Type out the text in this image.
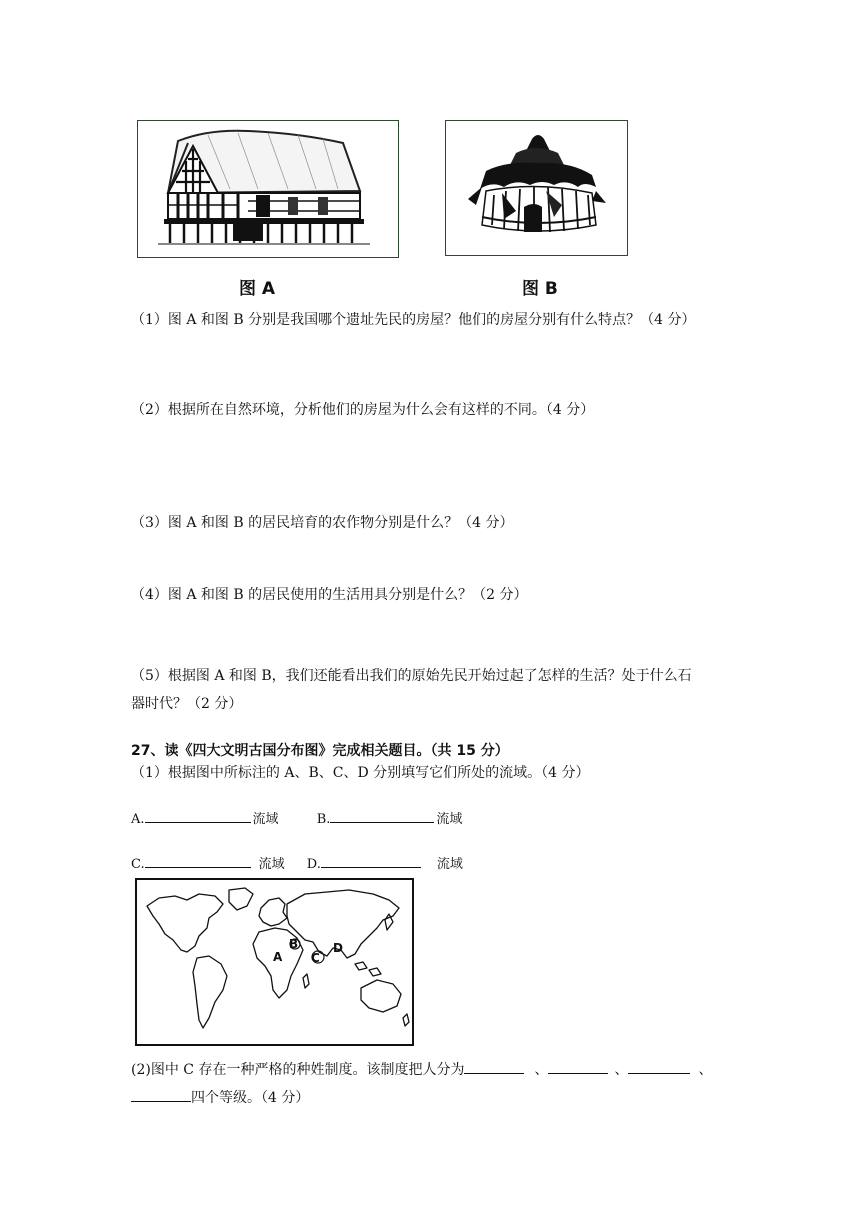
图 A	图 B
（1）图 A 和图 B 分别是我国哪个遗址先民的房屋？他们的房屋分别有什么特点？（4 分）
（2）根据所在自然环境，分析他们的房屋为什么会有这样的不同。（4 分）
（3）图 A 和图 B 的居民培育的农作物分别是什么？（4 分）
（4）图 A 和图 B 的居民使用的生活用具分别是什么？（2 分）
（5）根据图 A 和图 B，我们还能看出我们的原始先民开始过起了怎样的生活？处于什么石
器时代？（2 分）
27、读《四大文明古国分布图》完成相关题目。（共 15 分）
（1）根据图中所标注的 A、B、C、D 分别填写它们所处的流域。（4 分）
A.	流域	B.	流域
C.	流域 D.	流域
A
B
C
D
(2)图中 C 存在一种严格的种姓制度。该制度把人分为	、	、	、
四个等级。（4 分）
